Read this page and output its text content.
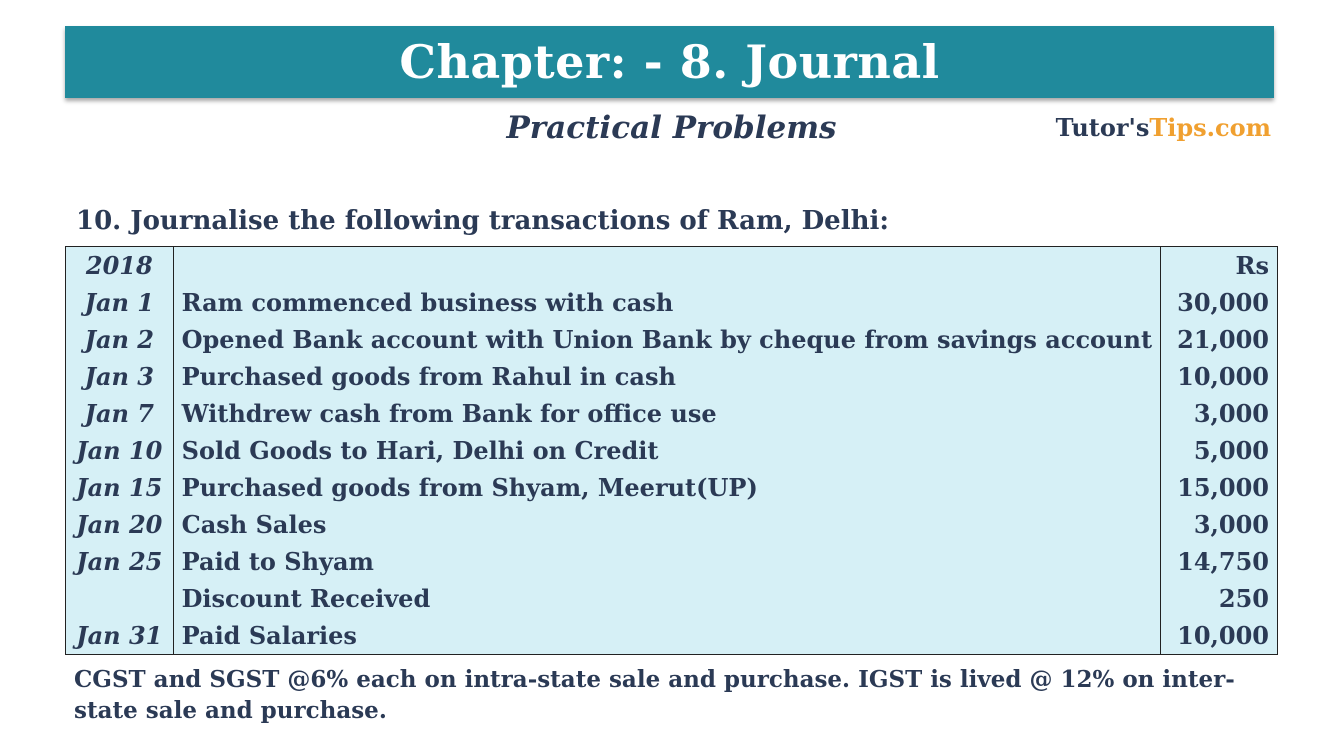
Chapter: - 8. Journal
Practical Problems	Tutor'sTips.com
10. Journalise the following transactions of Ram, Delhi:
2018		Rs
Jan 1	Ram commenced business with cash	30,000
Jan 2	Opened Bank account with Union Bank by cheque from savings account	21,000
Jan 3	Purchased goods from Rahul in cash	10,000
Jan 7	Withdrew cash from Bank for office use	3,000
Jan 10	Sold Goods to Hari, Delhi on Credit	5,000
Jan 15	Purchased goods from Shyam, Meerut(UP)	15,000
Jan 20	Cash Sales	3,000
Jan 25	Paid to Shyam	14,750
	Discount Received	250
Jan 31	Paid Salaries	10,000
CGST and SGST @6% each on intra-state sale and purchase. IGST is lived @ 12% on inter-state sale and purchase.
